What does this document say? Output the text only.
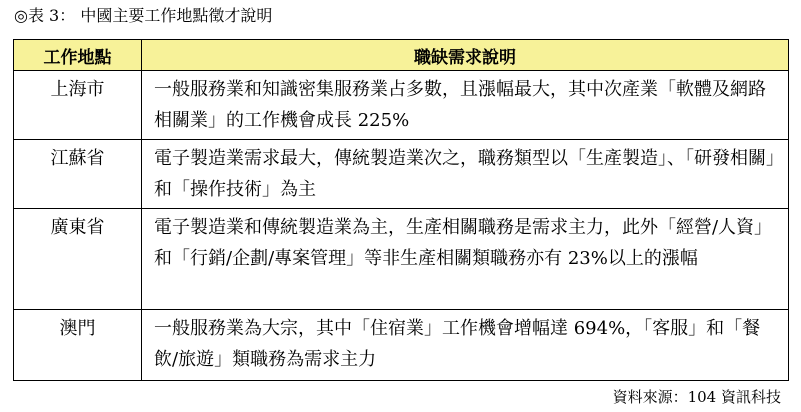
◎表 3： 中國主要工作地點徵才說明
工作地點	職缺需求說明
上海市	一般服務業和知識密集服務業占多數，且漲幅最大，其中次產業「軟體及網路相關業」的工作機會成長 225%

江蘇省	電子製造業需求最大，傳統製造業次之，職務類型以「生產製造」、「研發相關」和「操作技術」為主

廣東省	電子製造業和傳統製造業為主，生產相關職務是需求主力，此外「經營/人資」和「行銷/企劃/專案管理」等非生產相關類職務亦有 23%以上的漲幅

澳門	一般服務業為大宗，其中「住宿業」工作機會增幅達 694%，「客服」和「餐飲/旅遊」類職務為需求主力
資料來源：104 資訊科技
